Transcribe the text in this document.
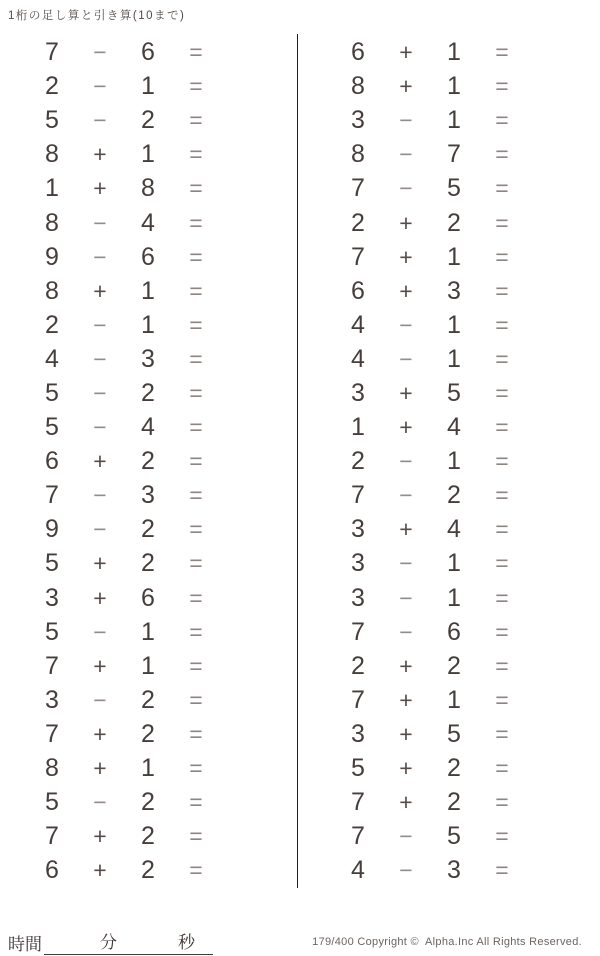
1桁の足し算と引き算(10まで)
7	−	6	=
2	−	1	=
5	−	2	=
8	+	1	=
1	+	8	=
8	−	4	=
9	−	6	=
8	+	1	=
2	−	1	=
4	−	3	=
5	−	2	=
5	−	4	=
6	+	2	=
7	−	3	=
9	−	2	=
5	+	2	=
3	+	6	=
5	−	1	=
7	+	1	=
3	−	2	=
7	+	2	=
8	+	1	=
5	−	2	=
7	+	2	=
6	+	2	=
6	+	1	=
8	+	1	=
3	−	1	=
8	−	7	=
7	−	5	=
2	+	2	=
7	+	1	=
6	+	3	=
4	−	1	=
4	−	1	=
3	+	5	=
1	+	4	=
2	−	1	=
7	−	2	=
3	+	4	=
3	−	1	=
3	−	1	=
7	−	6	=
2	+	2	=
7	+	1	=
3	+	5	=
5	+	2	=
7	+	2	=
7	−	5	=
4	−	3	=
時間	分	秒	179/400 Copyright ©  Alpha.Inc All Rights Reserved.
